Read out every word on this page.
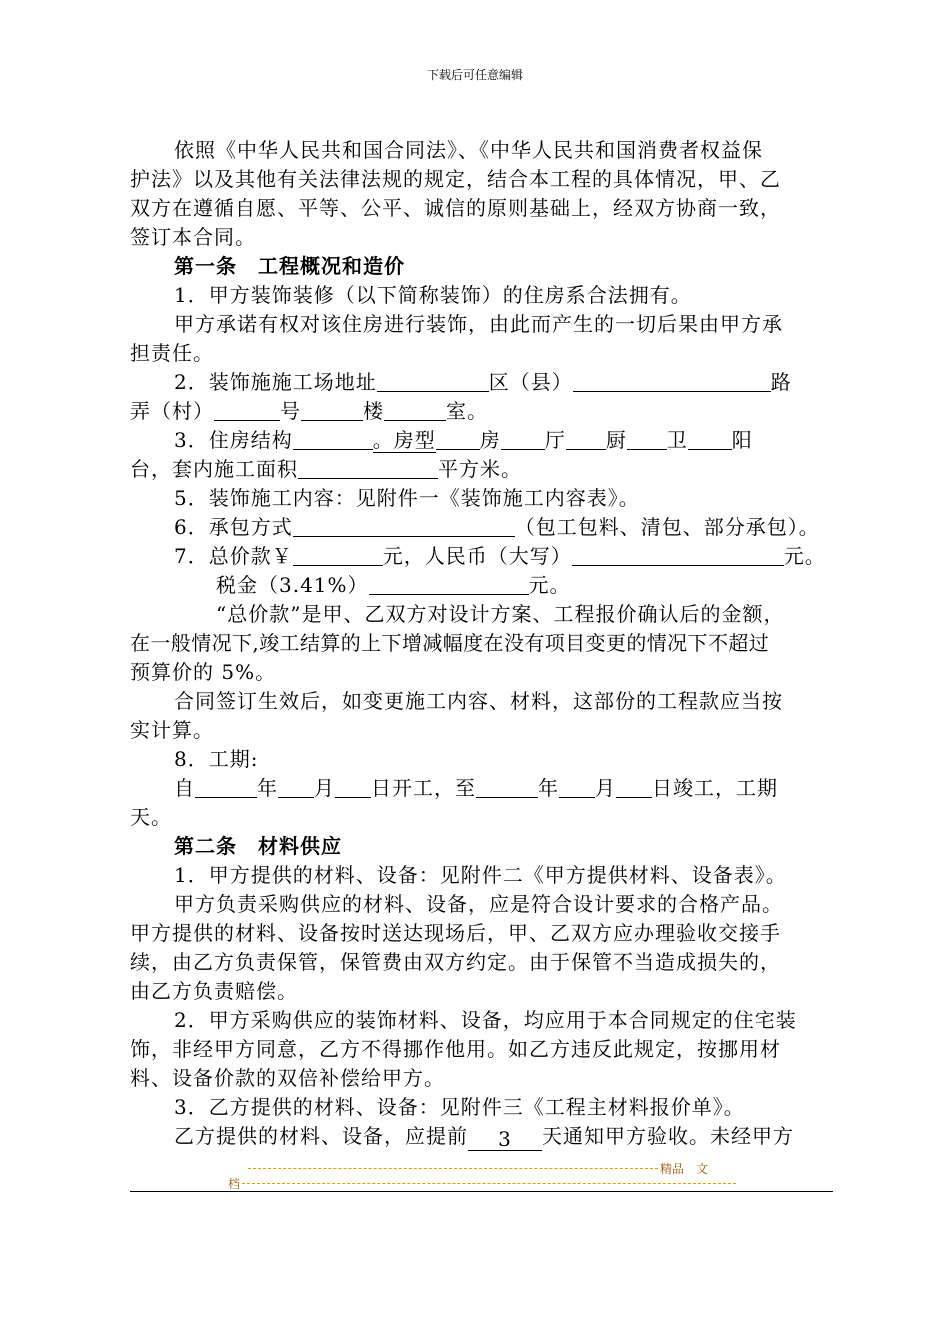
下载后可任意编辑

依照《中华人民共和国合同法》、《中华人民共和国消费者权益保

护法》以及其他有关法律法规的规定，结合本工程的具体情况，甲、乙

双方在遵循自愿、平等、公平、诚信的原则基础上，经双方协商一致，

签订本合同。

第一条　工程概况和造价

1．甲方装饰装修（以下简称装饰）的住房系合法拥有。

甲方承诺有权对该住房进行装饰，由此而产生的一切后果由甲方承

担责任。

2．装饰施施工场地址	区（县）	路

弄（村）	号	楼	室。

3．住房结构	。房型 房 厅 厨 卫 阳

台，套内施工面积	平方米。

5．装饰施工内容：见附件一《装饰施工内容表》。

6．承包方式	（包工包料、清包、部分承包）。

7．总价款￥	元，人民币（大写）	元。

税金（3.41%）	元。

“总价款”是甲、乙双方对设计方案、工程报价确认后的金额，

在一般情况下,竣工结算的上下增减幅度在没有项目变更的情况下不超过

预算价的 5%。

合同签订生效后，如变更施工内容、材料，这部份的工程款应当按

实计算。

8．工期:

自	年 月 日开工，至	年 月 日竣工，工期

天。

第二条　材料供应

1．甲方提供的材料、设备：见附件二《甲方提供材料、设备表》。

甲方负责采购供应的材料、设备，应是符合设计要求的合格产品。

甲方提供的材料、设备按时送达现场后，甲、乙双方应办理验收交接手

续，由乙方负责保管，保管费由双方约定。由于保管不当造成损失的，

由乙方负责赔偿。

2．甲方采购供应的装饰材料、设备，均应用于本合同规定的住宅装

饰，非经甲方同意，乙方不得挪作他用。如乙方违反此规定，按挪用材

料、设备价款的双倍补偿给甲方。

3．乙方提供的材料、设备：见附件三《工程主材料报价单》。

乙方提供的材料、设备，应提前 3 天通知甲方验收。未经甲方

精品　文
档
